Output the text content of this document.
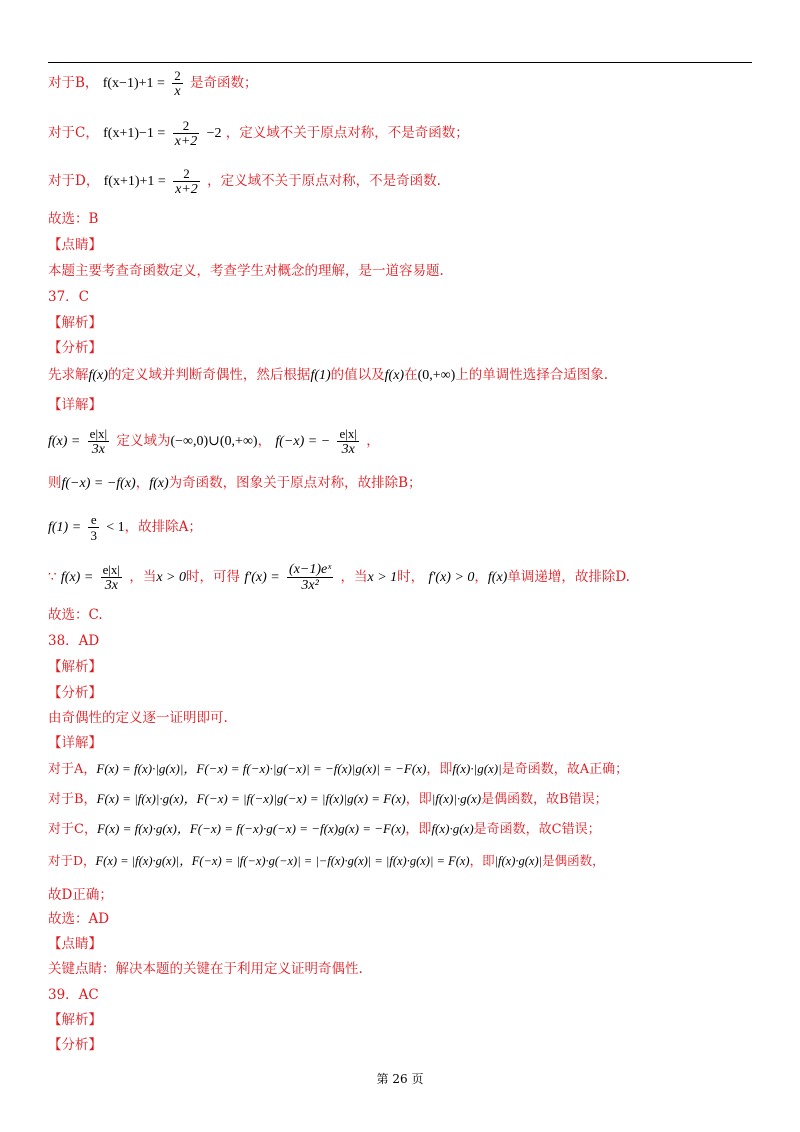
对于B， $f(x-1)+1 = \frac{2}{x}$ 是奇函数；
对于C， $f(x+1)-1 = \frac{2}{x+2} -2$ ，定义域不关于原点对称，不是奇函数；
对于D， $f(x+1)+1 = \frac{2}{x+2}$ ，定义域不关于原点对称，不是奇函数.
故选：B
【点睛】
本题主要考查奇函数定义，考查学生对概念的理解，是一道容易题.
37．C
【解析】
【分析】
先求解f(x)的定义域并判断奇偶性，然后根据f(1)的值以及f(x)在(0,+∞)上的单调性选择合适图象.
【详解】
$f(x) = \frac{e|x|}{3x}$ 定义域为(−∞,0)∪(0,+∞)， f(−x) = − $\frac{e|x|}{3x}$ ，
则f(−x) = −f(x)，f(x)为奇函数，图象关于原点对称，故排除B；
$f(1) = \frac{e}{3} < 1$，故排除A；
∵ $f(x) = \frac{e|x|}{3x}$ ，当x > 0时，可得 $f'(x) = \frac{\text{(x−1)eˣ}}{\text{3x²}}$ ，当x > 1时， f′(x) > 0，f(x)单调递增，故排除D.
故选：C.
38．AD
【解析】
【分析】
由奇偶性的定义逐一证明即可.
【详解】
对于A，F(x) = f(x)·|g(x)|，F(−x) = f(−x)·|g(−x)| = −f(x)|g(x)| = −F(x)，即f(x)·|g(x)|是奇函数，故A正确；
对于B，F(x) = |f(x)|·g(x)，F(−x) = |f(−x)|g(−x) = |f(x)|g(x) = F(x)，即|f(x)|·g(x)是偶函数，故B错误；
对于C，F(x) = f(x)·g(x)，F(−x) = f(−x)·g(−x) = −f(x)g(x) = −F(x)，即f(x)·g(x)是奇函数，故C错误；
对于D，F(x) = |f(x)·g(x)|，F(−x) = |f(−x)·g(−x)| = |−f(x)·g(x)| = |f(x)·g(x)| = F(x)，即|f(x)·g(x)|是偶函数，
故D正确；
故选：AD
【点睛】
关键点睛：解决本题的关键在于利用定义证明奇偶性.
39．AC
【解析】
【分析】
第 26 页
